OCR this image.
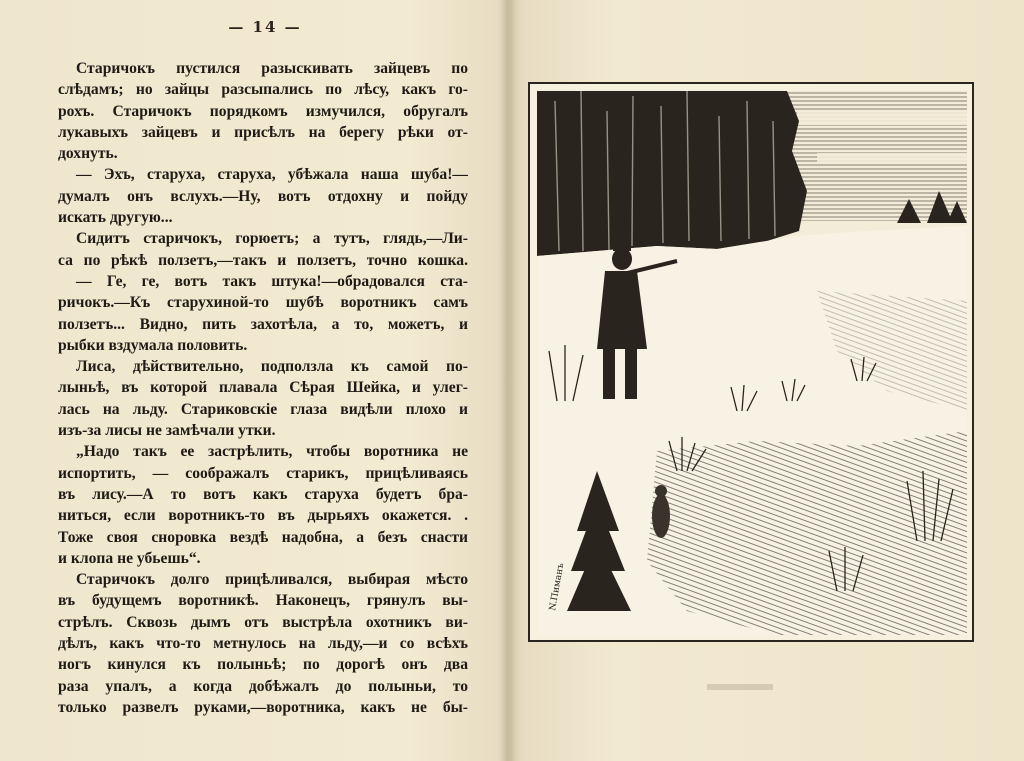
— 14 —
Старичокъ пустился разыскивать зайцевъ по
слѣдамъ; но зайцы разсыпались по лѣсу, какъ го-
рохъ. Старичокъ порядкомъ измучился, обругалъ
лукавыхъ зайцевъ и присѣлъ на берегу рѣки от-
дохнуть.
— Эхъ, старуха, старуха, убѣжала наша шуба!—
думалъ онъ вслухъ.—Ну, вотъ отдохну и пойду
искать другую...
Сидитъ старичокъ, горюетъ; а тутъ, глядь,—Ли-
са по рѣкѣ ползетъ,—такъ и ползетъ, точно кошка.
— Ге, ге, вотъ такъ штука!—обрадовался ста-
ричокъ.—Къ старухиной-то шубѣ воротникъ самъ
ползетъ... Видно, пить захотѣла, а то, можетъ, и
рыбки вздумала половить.
Лиса, дѣйствительно, подползла къ самой по-
лыньѣ, въ которой плавала Сѣрая Шейка, и улег-
лась на льду. Стариковскіе глаза видѣли плохо и
изъ-за лисы не замѣчали утки.
„Надо такъ ее застрѣлить, чтобы воротника не
испортить, — соображалъ старикъ, прицѣливаясь
въ лису.—А то вотъ какъ старуха будетъ бра-
ниться, если воротникъ-то въ дырьяхъ окажется. .
Тоже своя сноровка вездѣ надобна, а безъ снасти
и клопа не убьешь“.
Старичокъ долго прицѣливался, выбирая мѣсто
въ будущемъ воротникѣ. Наконецъ, грянулъ вы-
стрѣлъ. Сквозь дымъ отъ выстрѣла охотникъ ви-
дѣлъ, какъ что-то метнулось на льду,—и со всѣхъ
ногъ кинулся къ полыньѣ; по дорогѣ онъ два
раза упалъ, а когда добѣжалъ до полыньи, то
только развелъ руками,—воротника, какъ не бы-
N.Пиманъ
